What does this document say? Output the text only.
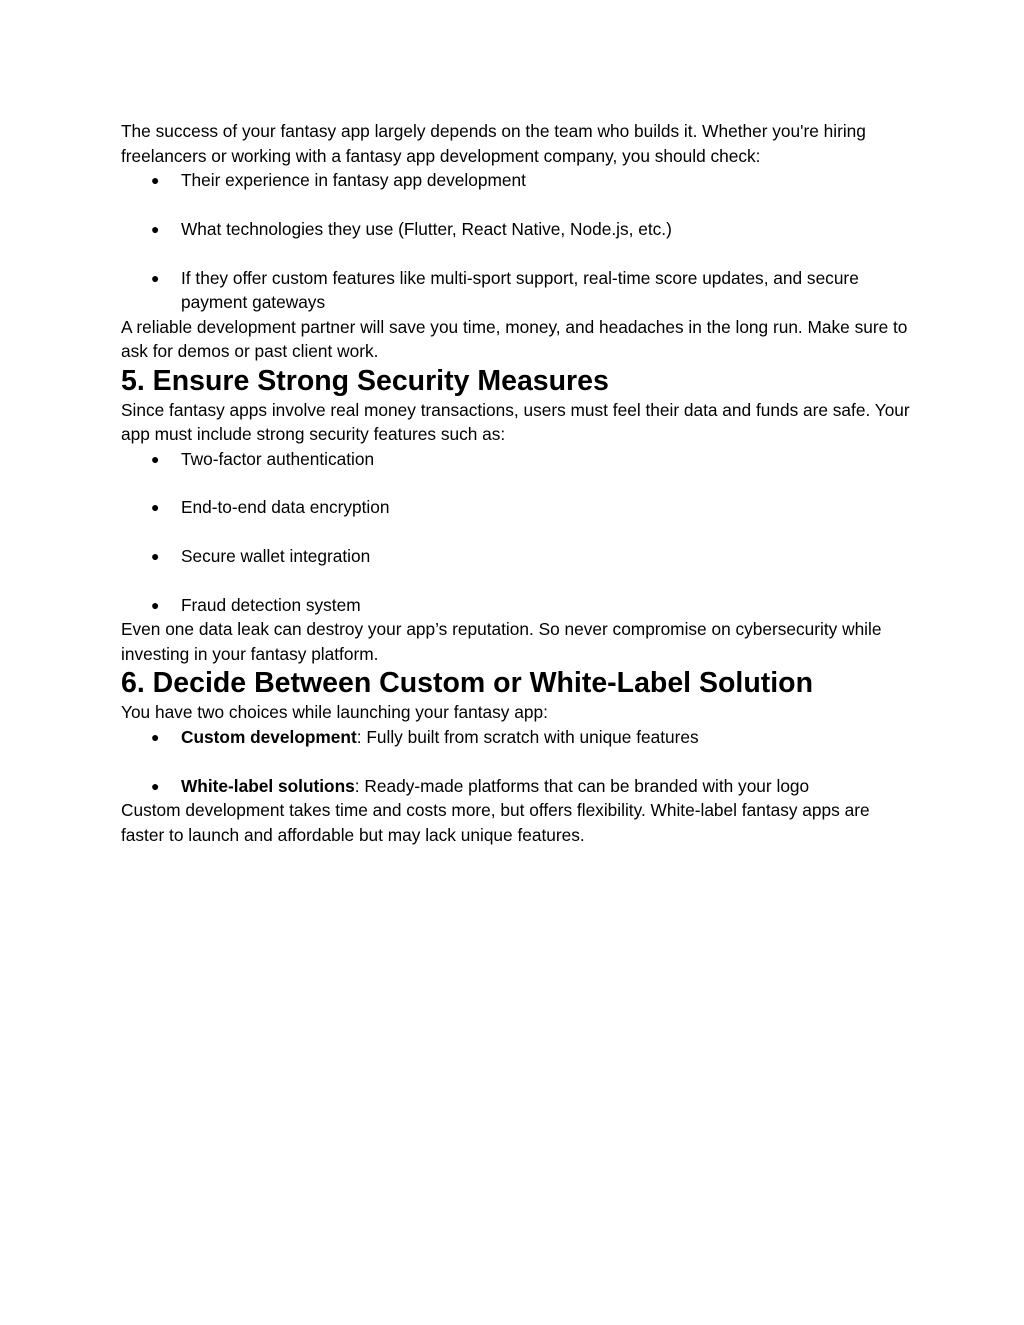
The success of your fantasy app largely depends on the team who builds it. Whether you're hiring freelancers or working with a fantasy app development company, you should check:

● Their experience in fantasy app development
● What technologies they use (Flutter, React Native, Node.js, etc.)
● If they offer custom features like multi-sport support, real-time score updates, and secure payment gateways

A reliable development partner will save you time, money, and headaches in the long run. Make sure to ask for demos or past client work.

5. Ensure Strong Security Measures

Since fantasy apps involve real money transactions, users must feel their data and funds are safe. Your app must include strong security features such as:

● Two-factor authentication
● End-to-end data encryption
● Secure wallet integration
● Fraud detection system

Even one data leak can destroy your app’s reputation. So never compromise on cybersecurity while investing in your fantasy platform.

6. Decide Between Custom or White-Label Solution

You have two choices while launching your fantasy app:

● Custom development: Fully built from scratch with unique features
● White-label solutions: Ready-made platforms that can be branded with your logo

Custom development takes time and costs more, but offers flexibility. White-label fantasy apps are faster to launch and affordable but may lack unique features.
